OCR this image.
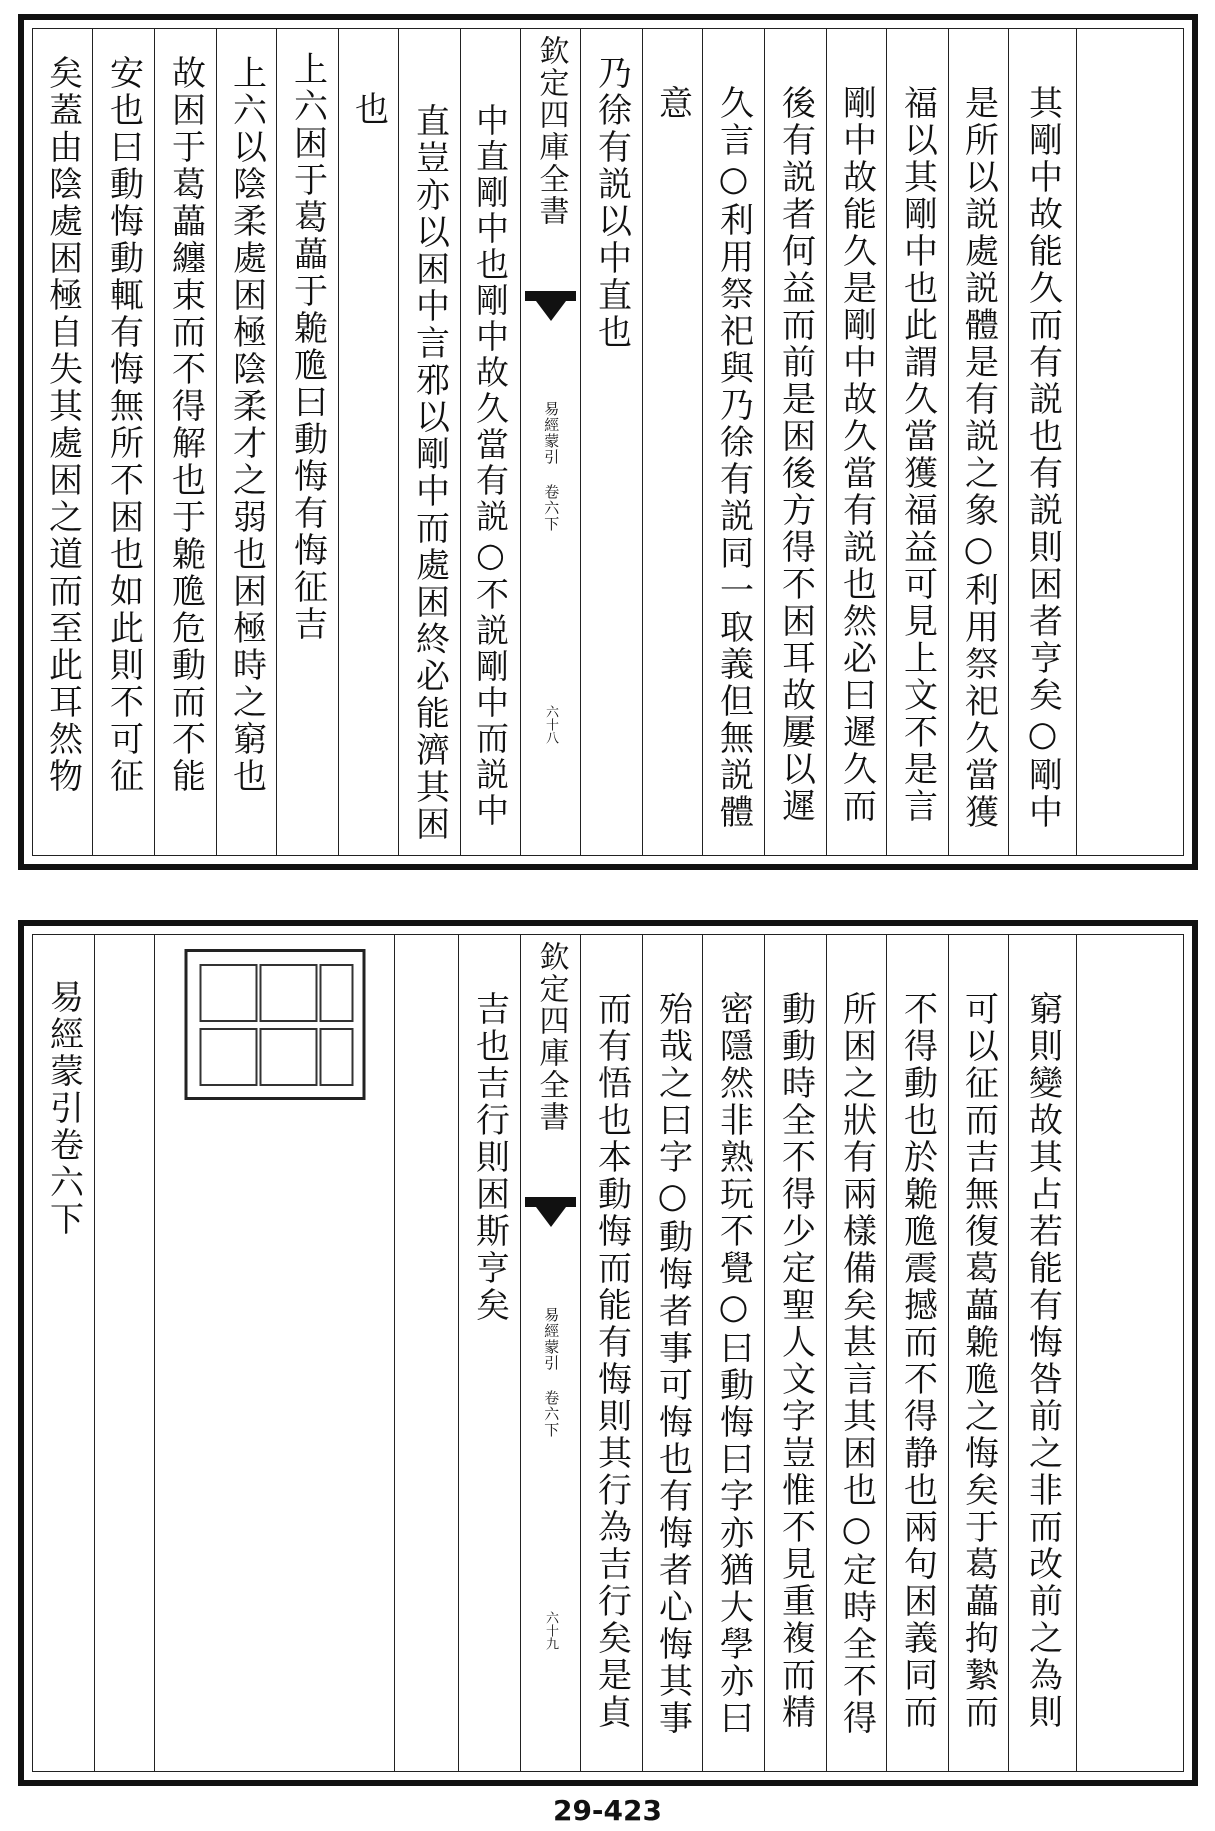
矣蓋由陰處困極自失其處困之道而至此耳然物 安也曰動悔動輒有悔無所不困也如此則不可征 故困于葛藟纏束而不得解也于臲卼危動而不能 上六以陰柔處困極陰柔才之弱也困極時之窮也 上六困于葛藟于臲卼曰動悔有悔征吉 也 直豈亦以困中言邪以剛中而處困終必能濟其困 中直剛中也剛中故久當有説○不説剛中而説中 欽定四庫全書
易經蒙引 卷六下
六十八
乃徐有説以中直也 意 久言○利用祭祀與乃徐有説同一取義但無説體 後有説者何益而前是困後方得不困耳故屢以遲 剛中故能久是剛中故久當有説也然必曰遲久而 福以其剛中也此謂久當獲福益可見上文不是言 是所以説處説體是有説之象○利用祭祀久當獲 其剛中故能久而有説也有説則困者亨矣○剛中
易經蒙引卷六下	吉也吉行則困斯亨矣 欽定四庫全書
易經蒙引 卷六下
六十九 而有悟也本動悔而能有悔則其行為吉行矣是貞 殆哉之曰字○動悔者事可悔也有悔者心悔其事 密隱然非熟玩不覺○曰動悔曰字亦猶大學亦曰 動動時全不得少定聖人文字豈惟不見重複而精 所困之狀有兩樣備矣甚言其困也○定時全不得 不得動也於臲卼震撼而不得静也兩句困義同而 可以征而吉無復葛藟臲卼之悔矣于葛藟拘縶而 窮則變故其占若能有悔咎前之非而改前之為則
29-423
